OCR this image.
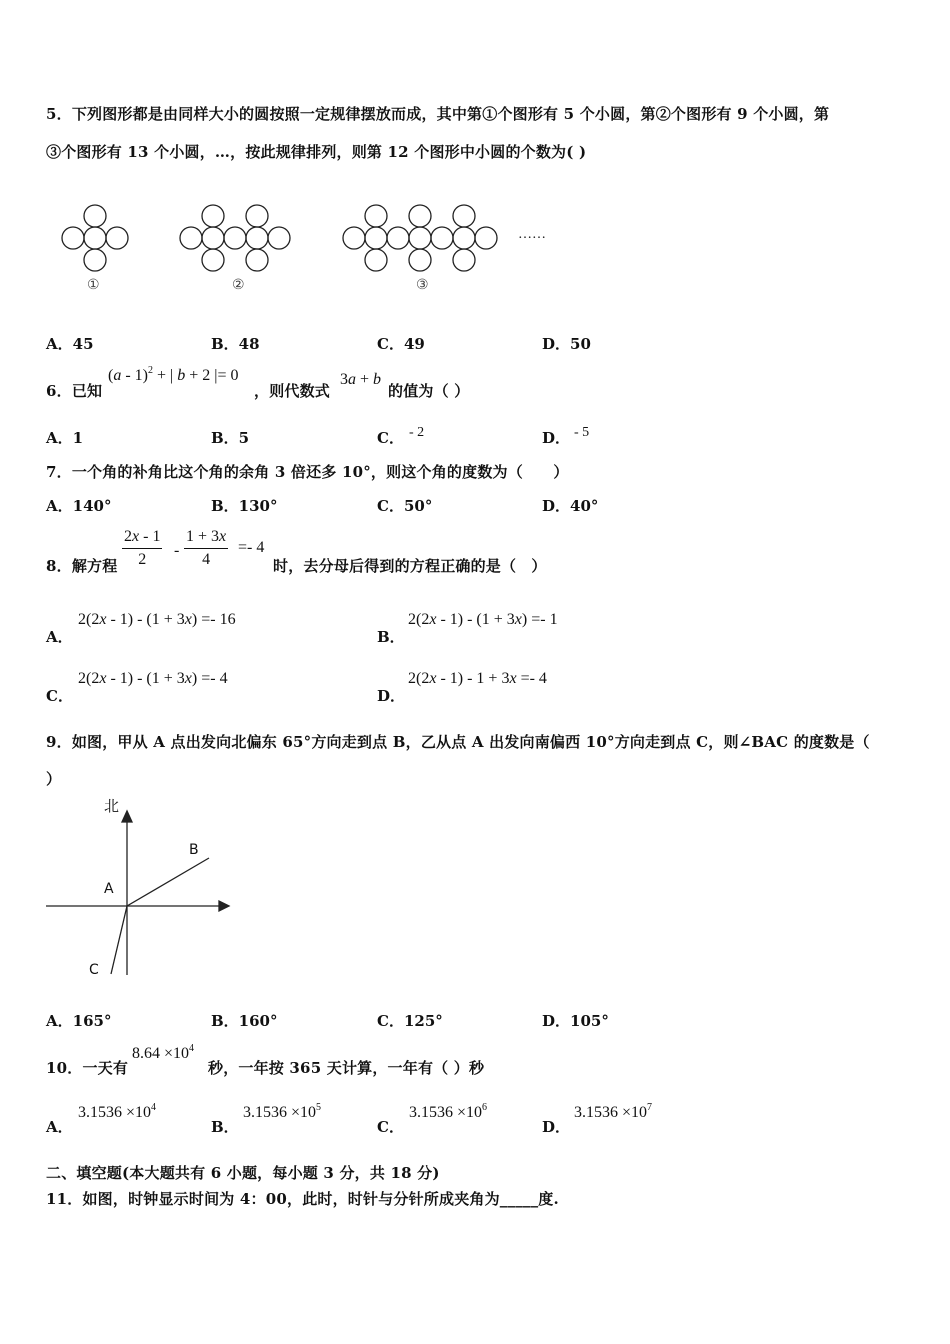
5．下列图形都是由同样大小的圆按照一定规律摆放而成，其中第①个图形有 5 个小圆，第②个图形有 9 个小圆，第
③个图形有 13 个小圆，…，按此规律排列，则第 12 个图形中小圆的个数为( )
①	②	③
……
A．45	B．48	C．49	D．50
6．已知
(a - 1)$^2$ + | b + 2 |= 0
，则代数式
3a + b
的值为（ ）
A．1	B．5	C． - 2	D． - 5
7．一个角的补角比这个角的余角 3 倍还多 10°，则这个角的度数为（　　）
A．140°	B．130°	C．50°	D．40°
8．解方程 $\frac{2x - 1}{2} - \frac{1 + 3x}{4} =- 4$
时，去分母后得到的方程正确的是（　）
A．
2(2x - 1) - (1 + 3x) =- 16
B．
2(2x - 1) - (1 + 3x) =- 1
C．
2(2x - 1) - (1 + 3x) =- 4
D．
2(2x - 1) - 1 + 3x =- 4
9．如图，甲从 A 点出发向北偏东 65°方向走到点 B，乙从点 A 出发向南偏西 10°方向走到点 C，则∠BAC 的度数是（
）
北
A
B
C
A．165°	B．160°	C．125°	D．105°
10．一天有
$8.64 \times 10^4$
秒，一年按 365 天计算，一年有（ ）秒
A．
$3.1536 \times 10^4$
B．
$3.1536 \times 10^5$
C．
$3.1536 \times 10^6$
D．
$3.1536 \times 10^7$
二、填空题(本大题共有 6 小题，每小题 3 分，共 18 分)
11．如图，时钟显示时间为 4：00，此时，时针与分针所成夹角为_____度.
